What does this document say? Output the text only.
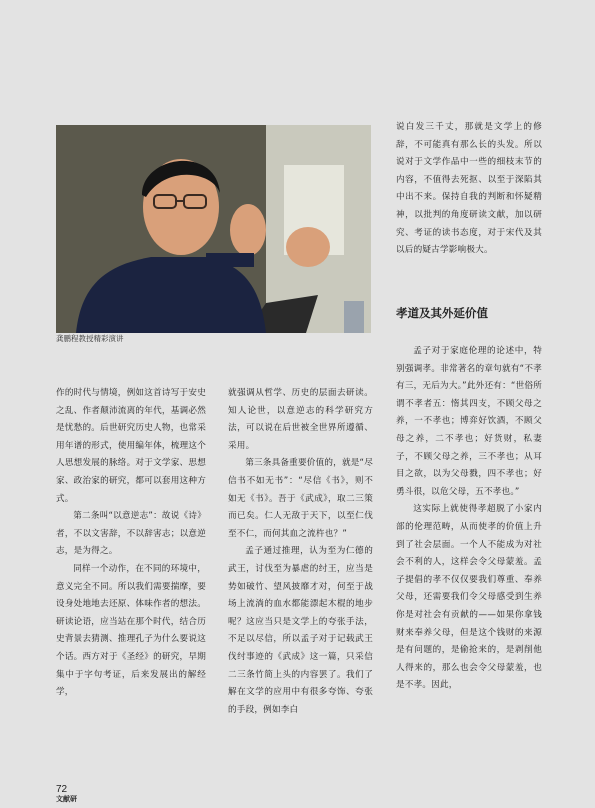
龚鹏程教授精彩演讲

作的时代与情境，例如这首诗写于安史之乱、作者颠沛流离的年代，基调必然是忧愁的。后世研究历史人物，也常采用年谱的形式，使用编年体，梳理这个人思想发展的脉络。对于文学家、思想家、政治家的研究，都可以套用这种方式。

第二条叫“以意逆志”：故说《诗》者，不以文害辞，不以辞害志；以意逆志，是为得之。

同样一个动作，在不同的环境中，意义完全不同。所以我们需要揣摩，要设身处地地去还原、体味作者的想法。研读论语，应当站在那个时代，结合历史背景去猜测、推理孔子为什么要说这个话。西方对于《圣经》的研究，早期集中于字句考证，后来发展出的解经学，

就强调从哲学、历史的层面去研读。知人论世，以意逆志的科学研究方法，可以说在后世被全世界所遵循、采用。

第三条具备重要价值的，就是“尽信书不如无书”：“尽信《书》，则不如无《书》。吾于《武成》，取二三策而已矣。仁人无敌于天下，以至仁伐至不仁，而何其血之流杵也？”

孟子通过推理，认为至为仁德的武王，讨伐至为暴虐的纣王，应当是势如破竹、望风披靡才对，何至于战场上流淌的血水都能漂起木棍的地步呢？这应当只是文学上的夸张手法，不足以尽信，所以孟子对于记载武王伐纣事迹的《武成》这一篇，只采信二三条竹简上头的内容罢了。我们了解在文学的应用中有很多夸饰、夸张的手段，例如李白

说白发三千丈，那就是文学上的修辞，不可能真有那么长的头发。所以说对于文学作品中一些的细枝末节的内容，不值得去死抠、以至于深陷其中出不来。保持自我的判断和怀疑精神，以批判的角度研读文献，加以研究、考证的读书态度，对于宋代及其以后的疑古学影响极大。

孝道及其外延价值

孟子对于家庭伦理的论述中，特别强调孝。非常著名的章句就有“不孝有三，无后为大。”此外还有：“世俗所谓不孝者五：惰其四支，不顾父母之养，一不孝也；博弈好饮酒，不顾父母之养，二不孝也；好货财，私妻子，不顾父母之养，三不孝也；从耳目之欲，以为父母戮，四不孝也；好勇斗很，以危父母，五不孝也。”

这实际上就使得孝超脱了小家内部的伦理范畴，从而使孝的价值上升到了社会层面。一个人不能成为对社会不利的人，这样会令父母蒙羞。孟子提倡的孝不仅仅要我们尊重、奉养父母，还需要我们令父母感受到生养你是对社会有贡献的——如果你拿钱财来奉养父母，但是这个钱财的来源是有问题的，是偷抢来的，是剥削他人得来的，那么也会令父母蒙羞，也是不孝。因此，

72
文献研
